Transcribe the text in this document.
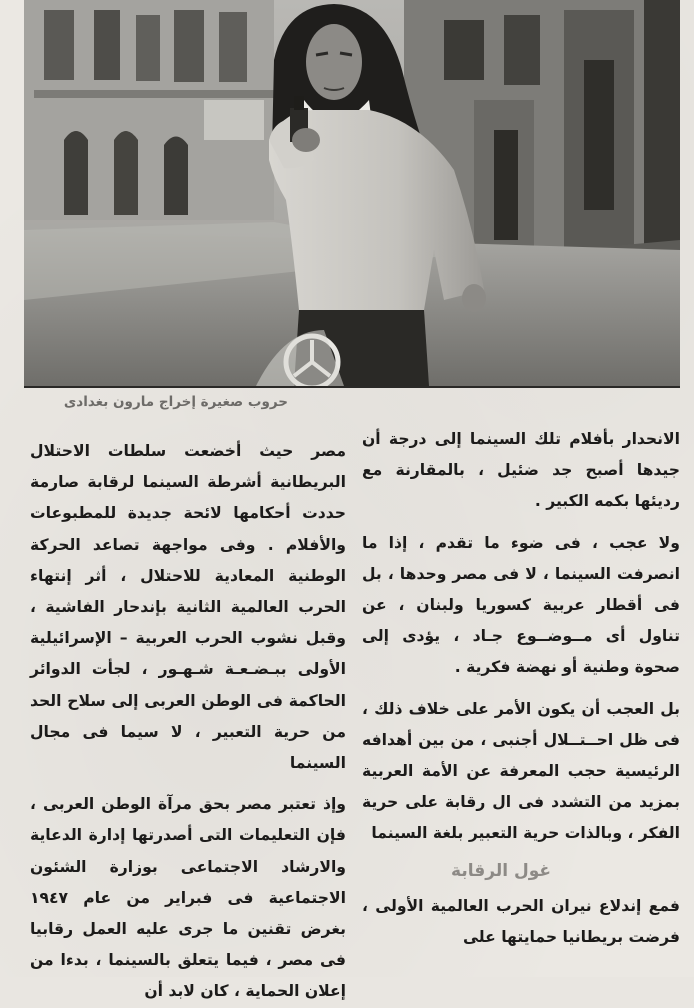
حروب صغيرة إخراج مارون بغدادى

الانحدار بأفلام تلك السينما إلى درجة أن جيدها أصبح جد ضئيل ، بالمقارنة مع رديئها بكمه الكبير .

ولا عجب ، فى ضوء ما تقدم ، إذا ما انصرفت السينما ، لا فى مصر وحدها ، بل فى أقطار عربية كسوريا ولبنان ، عن تناول أى مــوضــوع جـاد ، يؤدى إلى صحوة وطنية أو نهضة فكرية .

بل العجب أن يكون الأمر على خلاف ذلك ، فى ظل احــتــلال أجنبى ، من بين أهدافه الرئيسية حجب المعرفة عن الأمة العربية بمزيد من التشدد فى ال رقابة على حرية الفكر ، وبالذات حرية التعبير بلغة السينما

غول الرقابة

فمع إندلاع نيران الحرب العالمية الأولى ، فرضت بريطانيا حمايتها على

مصر حيث أخضعت سلطات الاحتلال البريطانية أشرطة السينما لرقابة صارمة حددت أحكامها لائحة جديدة للمطبوعات والأفلام . وفى مواجهة تصاعد الحركة الوطنية المعادية للاحتلال ، أثر إنتهاء الحرب العالمية الثانية بإندحار الفاشية ، وقبل نشوب الحرب العربية – الإسرائيلية الأولى ببـضـعـة شـهـور ، لجأت الدوائر الحاكمة فى الوطن العربى إلى سلاح الحد من حرية التعبير ، لا سيما فى مجال السينما

وإذ تعتبر مصر بحق مرآة الوطن العربى ، فإن التعليمات التى أصدرتها إدارة الدعاية والارشاد الاجتماعى بوزارة الشئون الاجتماعية فى فبراير من عام ١٩٤٧ بغرض تقنين ما جرى عليه العمل رقابيا فى مصر ، فيما يتعلق بالسينما ، بدءا من إعلان الحماية ، كان لابد أن
